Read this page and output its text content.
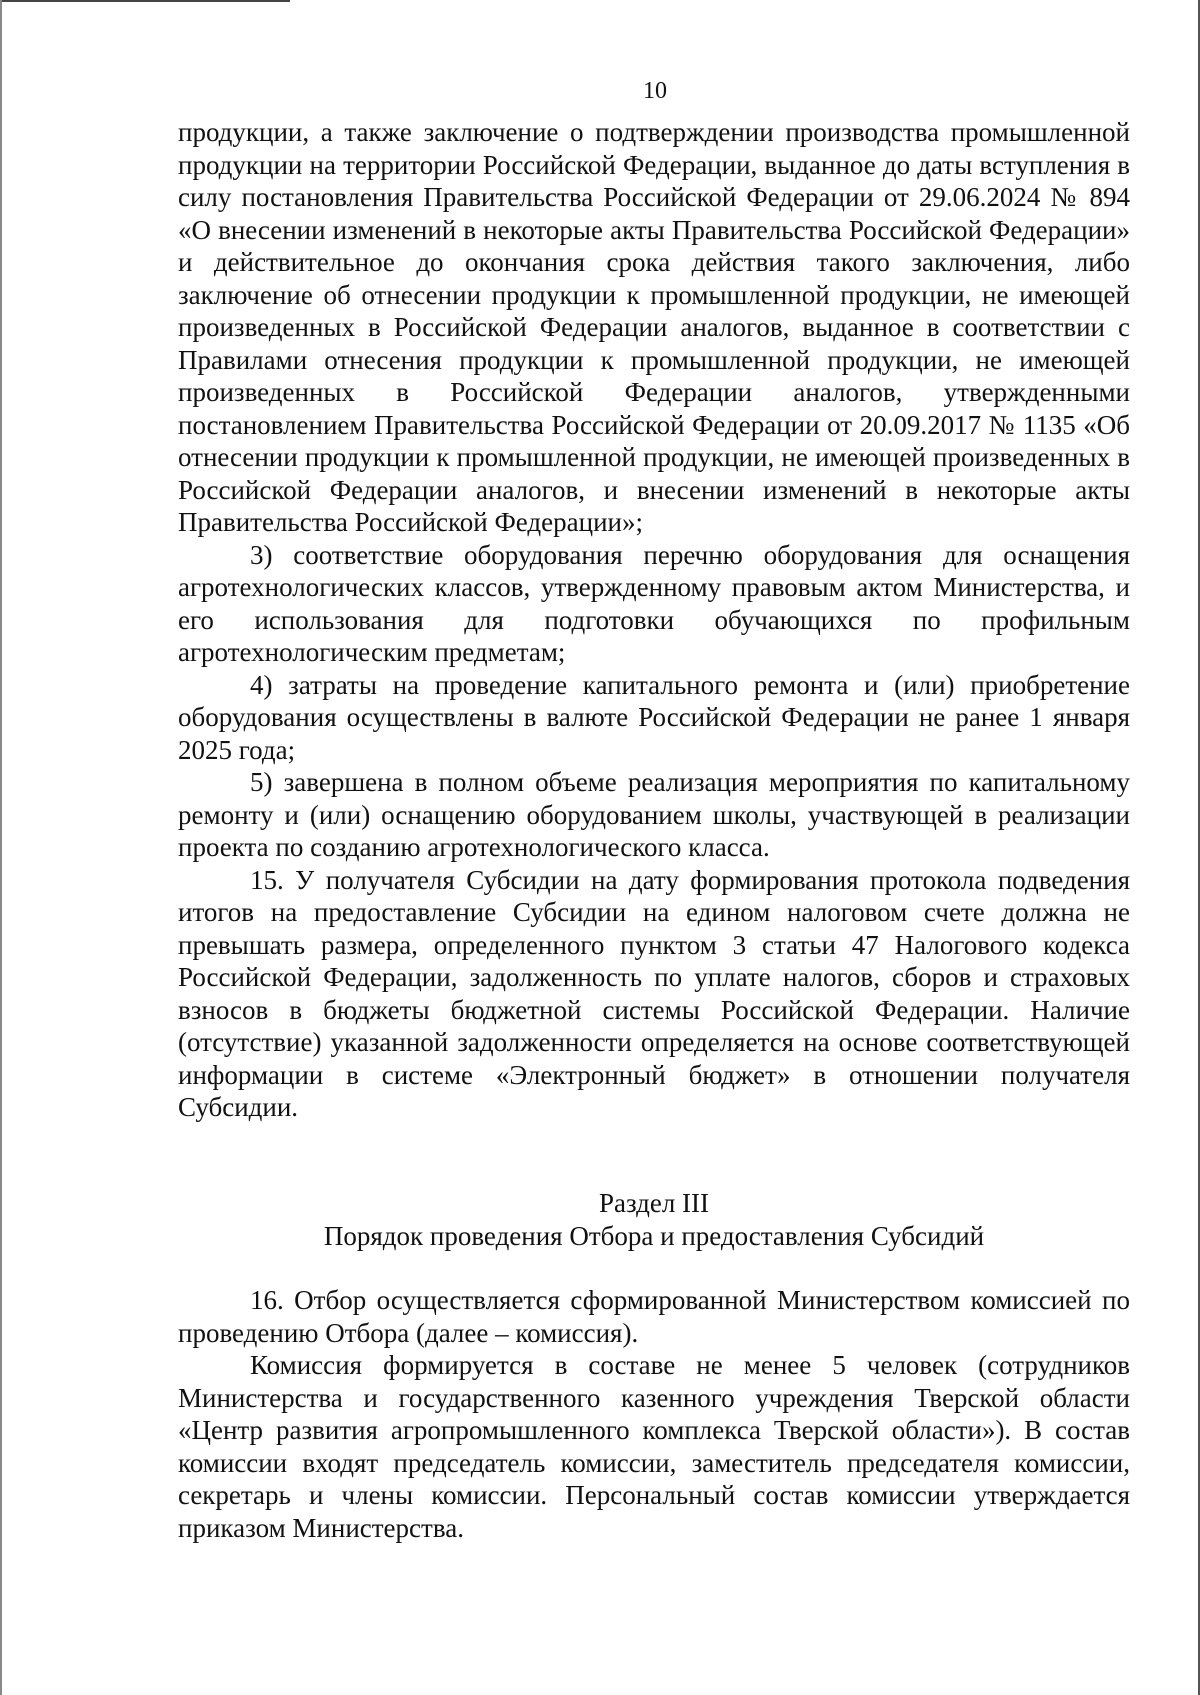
10

продукции, а также заключение о подтверждении производства промышленной продукции на территории Российской Федерации, выданное до даты вступления в силу постановления Правительства Российской Федерации от 29.06.2024 № 894 «О внесении изменений в некоторые акты Правительства Российской Федерации» и действительное до окончания срока действия такого заключения, либо заключение об отнесении продукции к промышленной продукции, не имеющей произведенных в Российской Федерации аналогов, выданное в соответствии с Правилами отнесения продукции к промышленной продукции, не имеющей произведенных в Российской Федерации аналогов, утвержденными постановлением Правительства Российской Федерации от 20.09.2017 № 1135 «Об отнесении продукции к промышленной продукции, не имеющей произведенных в Российской Федерации аналогов, и внесении изменений в некоторые акты Правительства Российской Федерации»;

3) соответствие оборудования перечню оборудования для оснащения агротехнологических классов, утвержденному правовым актом Министерства, и его использования для подготовки обучающихся по профильным агротехнологическим предметам;

4) затраты на проведение капитального ремонта и (или) приобретение оборудования осуществлены в валюте Российской Федерации не ранее 1 января 2025 года;

5) завершена в полном объеме реализация мероприятия по капитальному ремонту и (или) оснащению оборудованием школы, участвующей в реализации проекта по созданию агротехнологического класса.

15. У получателя Субсидии на дату формирования протокола подведения итогов на предоставление Субсидии на едином налоговом счете должна не превышать размера, определенного пунктом 3 статьи 47 Налогового кодекса Российской Федерации, задолженность по уплате налогов, сборов и страховых взносов в бюджеты бюджетной системы Российской Федерации. Наличие (отсутствие) указанной задолженности определяется на основе соответствующей информации в системе «Электронный бюджет» в отношении получателя Субсидии.

Раздел III
Порядок проведения Отбора и предоставления Субсидий

16. Отбор осуществляется сформированной Министерством комиссией по проведению Отбора (далее – комиссия).

Комиссия формируется в составе не менее 5 человек (сотрудников Министерства и государственного казенного учреждения Тверской области «Центр развития агропромышленного комплекса Тверской области»). В состав комиссии входят председатель комиссии, заместитель председателя комиссии, секретарь и члены комиссии. Персональный состав комиссии утверждается приказом Министерства.
